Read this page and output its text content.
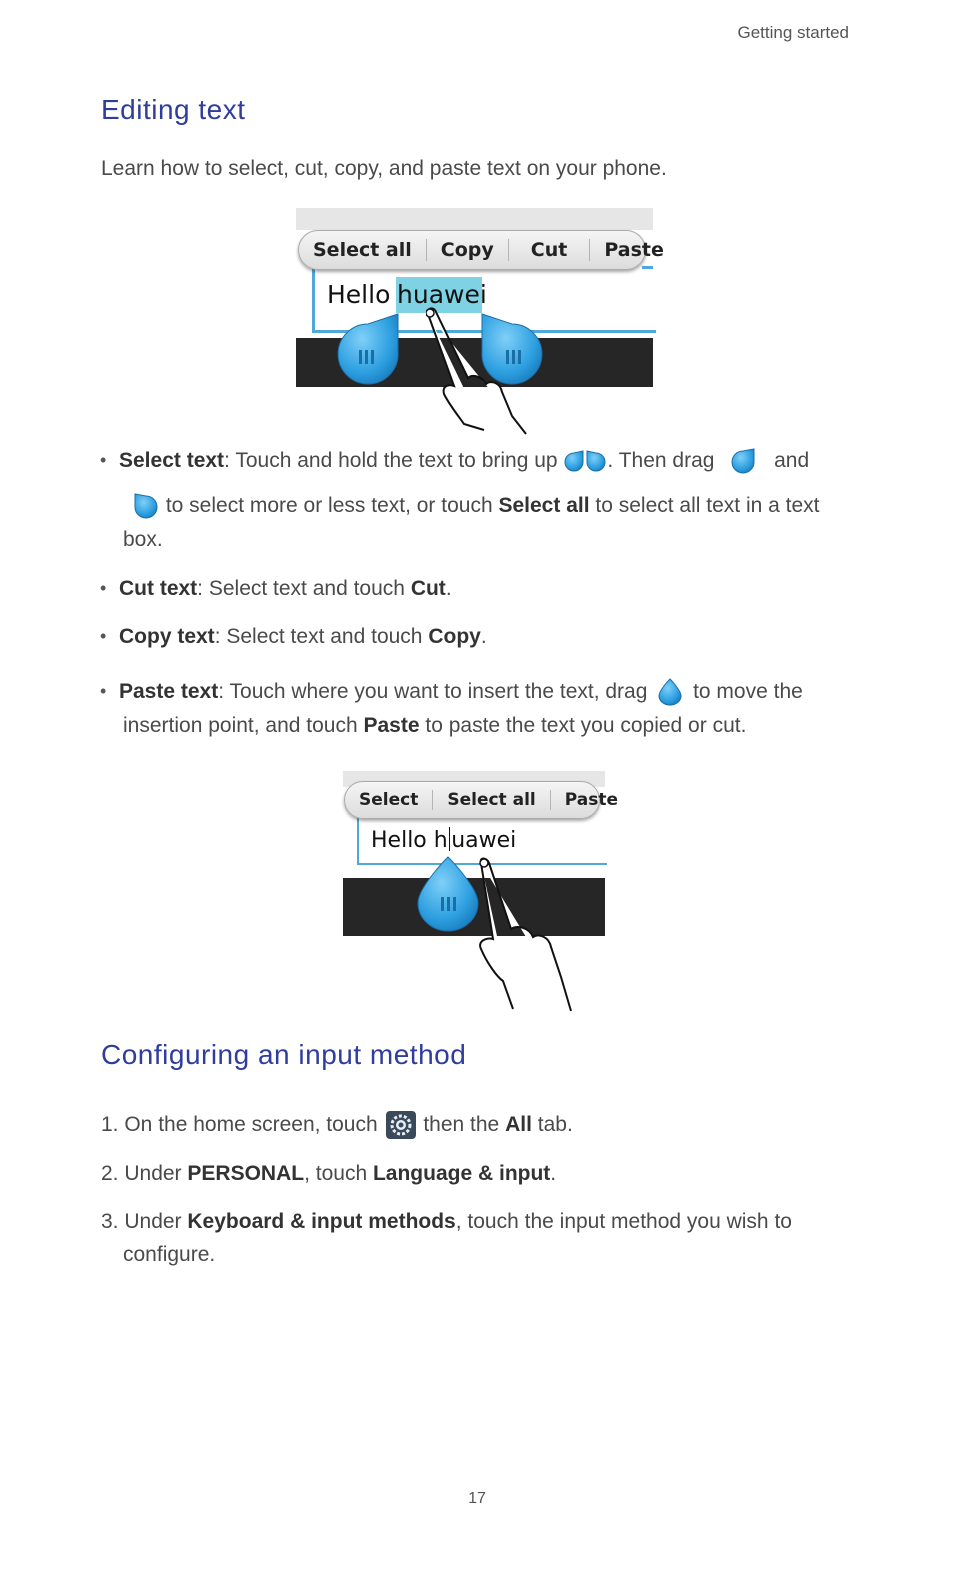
Getting started
Editing text
Learn how to select, cut, copy, and paste text on your phone.
Hello huawei
Select all	Copy	Cut	Paste
• Select text: Touch and hold the text to bring up . Then drag  and
to select more or less text, or touch Select all to select all text in a text
box.
• Cut text: Select text and touch Cut.
• Copy text: Select text and touch Copy.
• Paste text: Touch where you want to insert the text, drag  to move the
insertion point, and touch Paste to paste the text you copied or cut.
Hello h uawei
Select	Select all	Paste
Configuring an input method
1. On the home screen, touch  then the All tab.
2. Under PERSONAL, touch Language & input.
3. Under Keyboard & input methods, touch the input method you wish to
configure.
17
